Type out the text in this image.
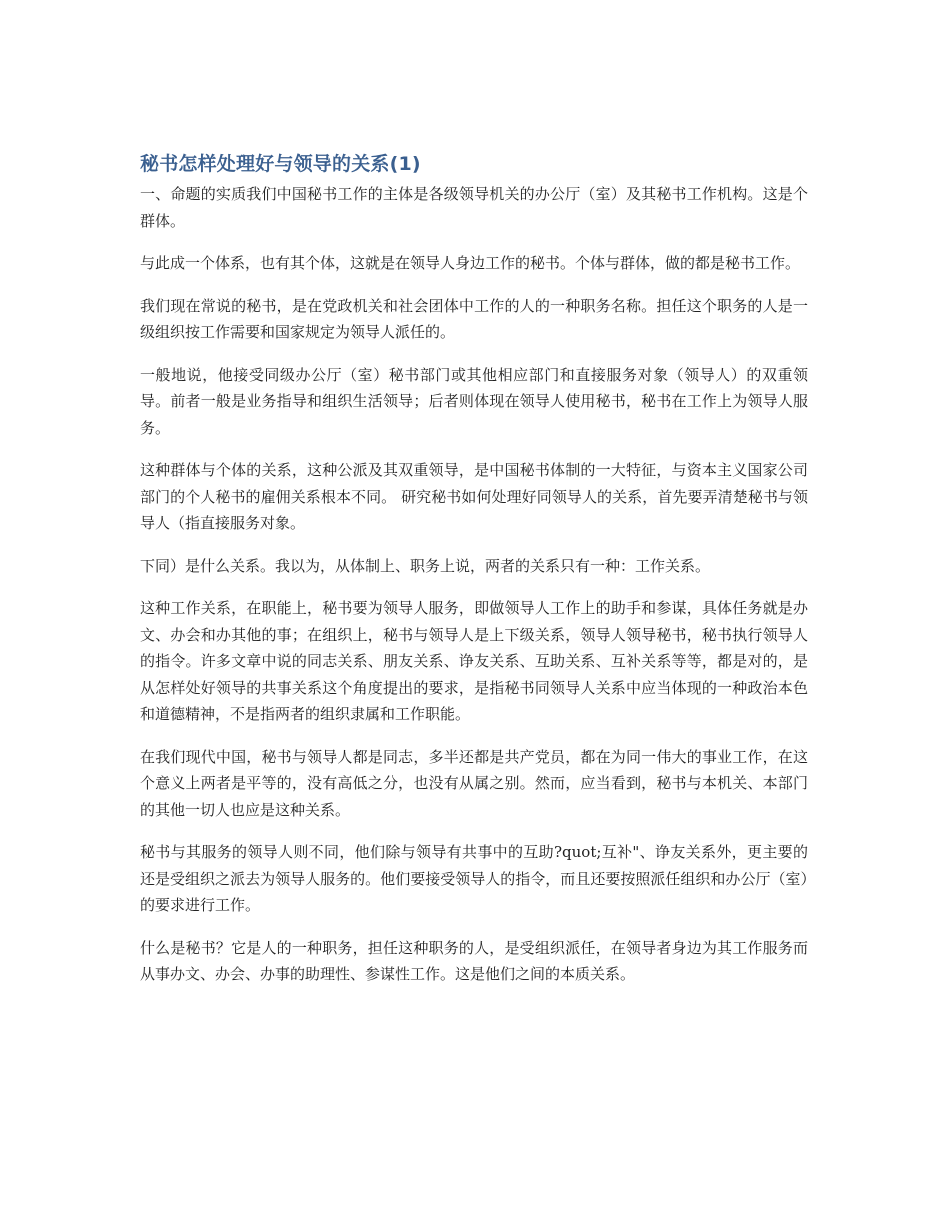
秘书怎样处理好与领导的关系(1)

一、命题的实质我们中国秘书工作的主体是各级领导机关的办公厅（室）及其秘书工作机构。这是个群体。

与此成一个体系，也有其个体，这就是在领导人身边工作的秘书。个体与群体，做的都是秘书工作。

我们现在常说的秘书，是在党政机关和社会团体中工作的人的一种职务名称。担任这个职务的人是一级组织按工作需要和国家规定为领导人派任的。

一般地说，他接受同级办公厅（室）秘书部门或其他相应部门和直接服务对象（领导人）的双重领导。前者一般是业务指导和组织生活领导；后者则体现在领导人使用秘书，秘书在工作上为领导人服务。

这种群体与个体的关系，这种公派及其双重领导，是中国秘书体制的一大特征，与资本主义国家公司部门的个人秘书的雇佣关系根本不同。 研究秘书如何处理好同领导人的关系，首先要弄清楚秘书与领导人（指直接服务对象。

下同）是什么关系。我以为，从体制上、职务上说，两者的关系只有一种：工作关系。

这种工作关系，在职能上，秘书要为领导人服务，即做领导人工作上的助手和参谋，具体任务就是办文、办会和办其他的事；在组织上，秘书与领导人是上下级关系，领导人领导秘书，秘书执行领导人的指令。许多文章中说的同志关系、朋友关系、诤友关系、互助关系、互补关系等等，都是对的，是从怎样处好领导的共事关系这个角度提出的要求，是指秘书同领导人关系中应当体现的一种政治本色和道德精神，不是指两者的组织隶属和工作职能。

在我们现代中国，秘书与领导人都是同志，多半还都是共产党员，都在为同一伟大的事业工作，在这个意义上两者是平等的，没有高低之分，也没有从属之别。然而，应当看到，秘书与本机关、本部门的其他一切人也应是这种关系。

秘书与其服务的领导人则不同，他们除与领导有共事中的互助?quot;互补"、诤友关系外，更主要的还是受组织之派去为领导人服务的。他们要接受领导人的指令，而且还要按照派任组织和办公厅（室）的要求进行工作。

什么是秘书？它是人的一种职务，担任这种职务的人，是受组织派任，在领导者身边为其工作服务而从事办文、办会、办事的助理性、参谋性工作。这是他们之间的本质关系。
